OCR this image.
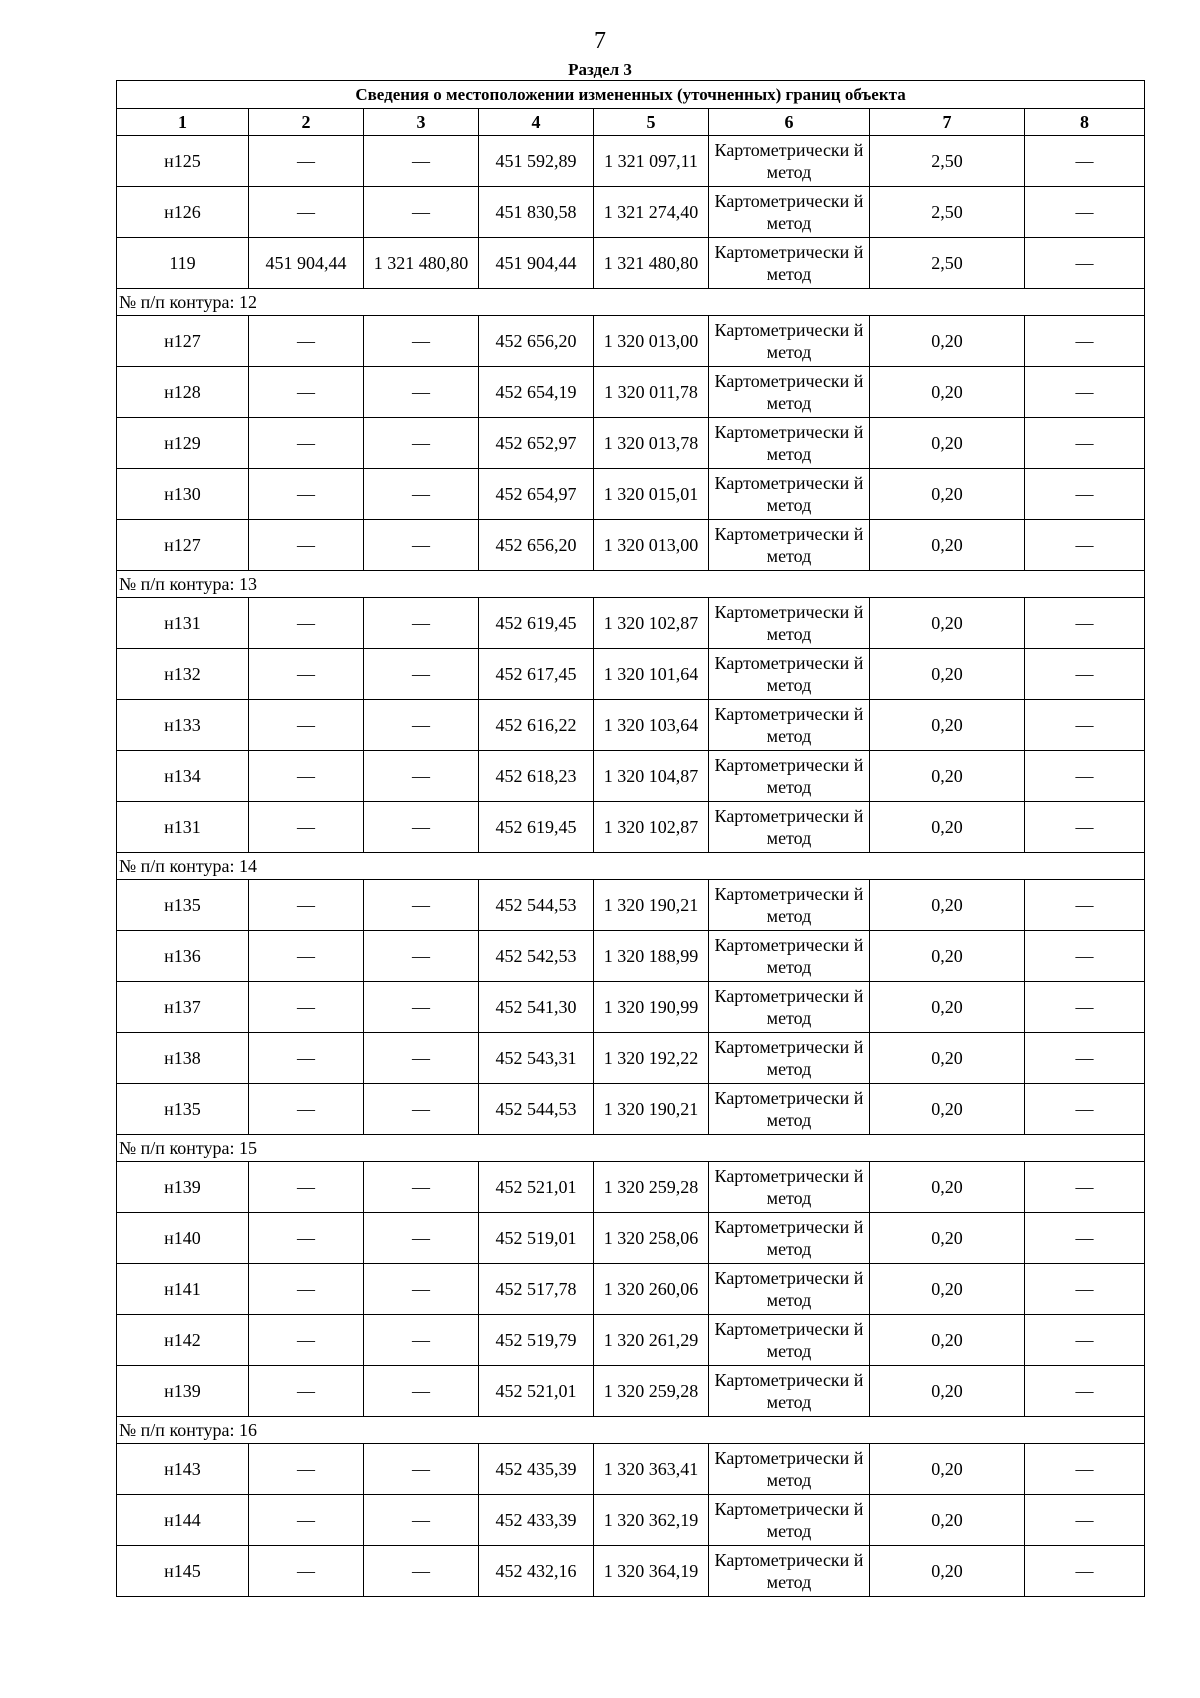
7
Раздел 3
Сведения о местоположении измененных (уточненных) границ объекта							
1	2	3	4	5	6	7	8
н125	—	—	451 592,89	1 321 097,11	Картометрически й метод	2,50	—
н126	—	—	451 830,58	1 321 274,40	Картометрически й метод	2,50	—
119	451 904,44	1 321 480,80	451 904,44	1 321 480,80	Картометрически й метод	2,50	—
№ п/п контура: 12							
н127	—	—	452 656,20	1 320 013,00	Картометрически й метод	0,20	—
н128	—	—	452 654,19	1 320 011,78	Картометрически й метод	0,20	—
н129	—	—	452 652,97	1 320 013,78	Картометрически й метод	0,20	—
н130	—	—	452 654,97	1 320 015,01	Картометрически й метод	0,20	—
н127	—	—	452 656,20	1 320 013,00	Картометрически й метод	0,20	—
№ п/п контура: 13							
н131	—	—	452 619,45	1 320 102,87	Картометрически й метод	0,20	—
н132	—	—	452 617,45	1 320 101,64	Картометрически й метод	0,20	—
н133	—	—	452 616,22	1 320 103,64	Картометрически й метод	0,20	—
н134	—	—	452 618,23	1 320 104,87	Картометрически й метод	0,20	—
н131	—	—	452 619,45	1 320 102,87	Картометрически й метод	0,20	—
№ п/п контура: 14							
н135	—	—	452 544,53	1 320 190,21	Картометрически й метод	0,20	—
н136	—	—	452 542,53	1 320 188,99	Картометрически й метод	0,20	—
н137	—	—	452 541,30	1 320 190,99	Картометрически й метод	0,20	—
н138	—	—	452 543,31	1 320 192,22	Картометрически й метод	0,20	—
н135	—	—	452 544,53	1 320 190,21	Картометрически й метод	0,20	—
№ п/п контура: 15							
н139	—	—	452 521,01	1 320 259,28	Картометрически й метод	0,20	—
н140	—	—	452 519,01	1 320 258,06	Картометрически й метод	0,20	—
н141	—	—	452 517,78	1 320 260,06	Картометрически й метод	0,20	—
н142	—	—	452 519,79	1 320 261,29	Картометрически й метод	0,20	—
н139	—	—	452 521,01	1 320 259,28	Картометрически й метод	0,20	—
№ п/п контура: 16							
н143	—	—	452 435,39	1 320 363,41	Картометрически й метод	0,20	—
н144	—	—	452 433,39	1 320 362,19	Картометрически й метод	0,20	—
н145	—	—	452 432,16	1 320 364,19	Картометрически й метод	0,20	—
